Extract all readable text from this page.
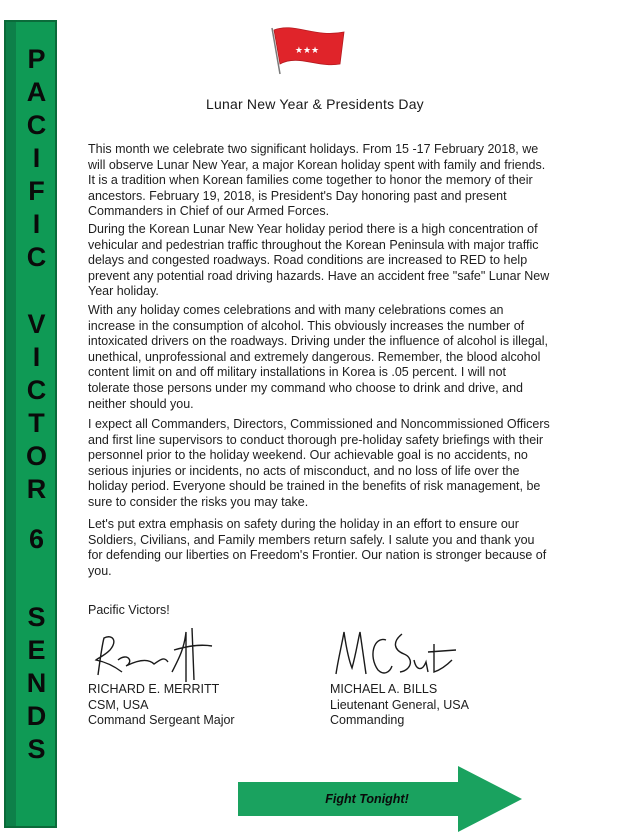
P
A
C
I
F
I
C
V
I
C
T
O
R
6
S
E
N
D
S
★★★
Lunar New Year & Presidents Day

This month we celebrate two significant holidays. From 15 -17 February 2018, we will observe Lunar New Year, a major Korean holiday spent with family and friends. It is a tradition when Korean families come together to honor the memory of their ancestors. February 19, 2018, is President's Day honoring past and present Commanders in Chief of our Armed Forces.

During the Korean Lunar New Year holiday period there is a high concentration of vehicular and pedestrian traffic throughout the Korean Peninsula with major traffic delays and congested roadways. Road conditions are increased to RED to help prevent any potential road driving hazards. Have an accident free "safe" Lunar New Year holiday.

With any holiday comes celebrations and with many celebrations comes an increase in the consumption of alcohol. This obviously increases the number of intoxicated drivers on the roadways. Driving under the influence of alcohol is illegal, unethical, unprofessional and extremely dangerous. Remember, the blood alcohol content limit on and off military installations in Korea is .05 percent. I will not tolerate those persons under my command who choose to drink and drive, and neither should you.

I expect all Commanders, Directors, Commissioned and Noncommissioned Officers and first line supervisors to conduct thorough pre-holiday safety briefings with their personnel prior to the holiday weekend. Our achievable goal is no accidents, no serious injuries or incidents, no acts of misconduct, and no loss of life over the holiday period. Everyone should be trained in the benefits of risk management, be sure to consider the risks you may take.

Let's put extra emphasis on safety during the holiday in an effort to ensure our Soldiers, Civilians, and Family members return safely. I salute you and thank you for defending our liberties on Freedom's Frontier. Our nation is stronger because of you.

Pacific Victors!
RICHARD E. MERRITT
CSM, USA
Command Sergeant Major
MICHAEL A. BILLS
Lieutenant General, USA
Commanding
Fight Tonight!
